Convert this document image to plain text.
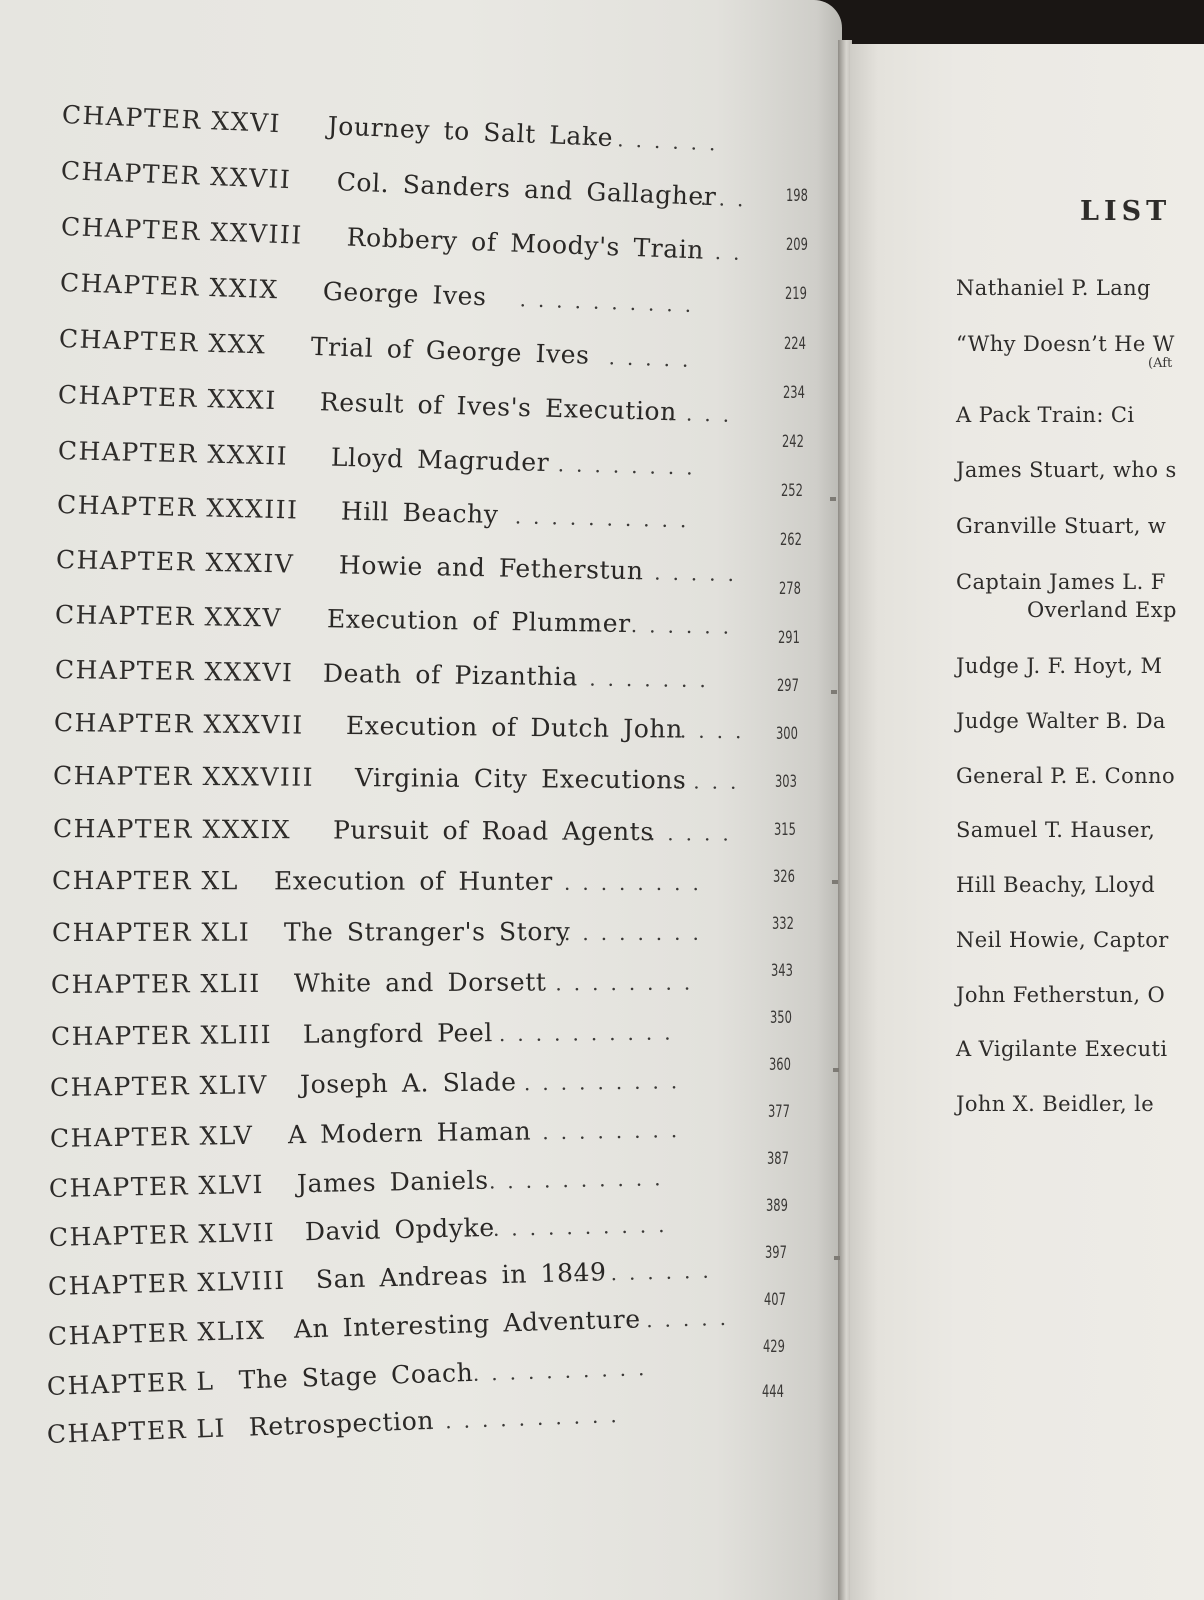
CHAPTER XXVI Journey to Salt Lake ......
CHAPTER XXVII Col. Sanders and Gallagher
...
CHAPTER XXVIII Robbery of Moody's Train
...
CHAPTER XXIX George Ives ..........
CHAPTER XXX Trial of George Ives .....
CHAPTER XXXI Result of Ives's Execution
....
CHAPTER XXXII Lloyd Magruder ........
CHAPTER XXXIII Hill Beachy ..........
CHAPTER XXXIV Howie and Fetherstun
......
CHAPTER XXXV Execution of Plummer ......
CHAPTER XXXVI Death of Pizanthia
........
CHAPTER XXXVII Execution of Dutch John
....
CHAPTER XXXVIII Virginia City Executions
....
CHAPTER XXXIX Pursuit of Road Agents
.....
CHAPTER XL Execution of Hunter ........
CHAPTER XLI The Stranger's Story
........
CHAPTER XLII White and Dorsett
.........
CHAPTER XLIII Langford Peel ..........
CHAPTER XLIV Joseph A. Slade .........
CHAPTER XLV A Modern Haman
.........
CHAPTER XLVI James Daniels ..........
CHAPTER XLVII David Opdyke
..........
CHAPTER XLVIII San Andreas in 1849
........
CHAPTER XLIX An Interesting Adventure
......
CHAPTER L The Stage Coach
..........
CHAPTER LI Retrospection
...........
198
209
219
224
234
242
252
262
278
291
297
300
303
315
326
332
343
350
360
377
387
389
397
407
429
444
LIST
Nathaniel P. Lang
“Why Doesn’t He W
(Aft
A Pack Train: Ci
James Stuart, who s
Granville Stuart, w
Captain James L. F
Overland Exp
Judge J. F. Hoyt, M
Judge Walter B. Da
General P. E. Conno
Samuel T. Hauser,
Hill Beachy, Lloyd
Neil Howie, Captor
John Fetherstun, O
A Vigilante Executi
John X. Beidler, le
